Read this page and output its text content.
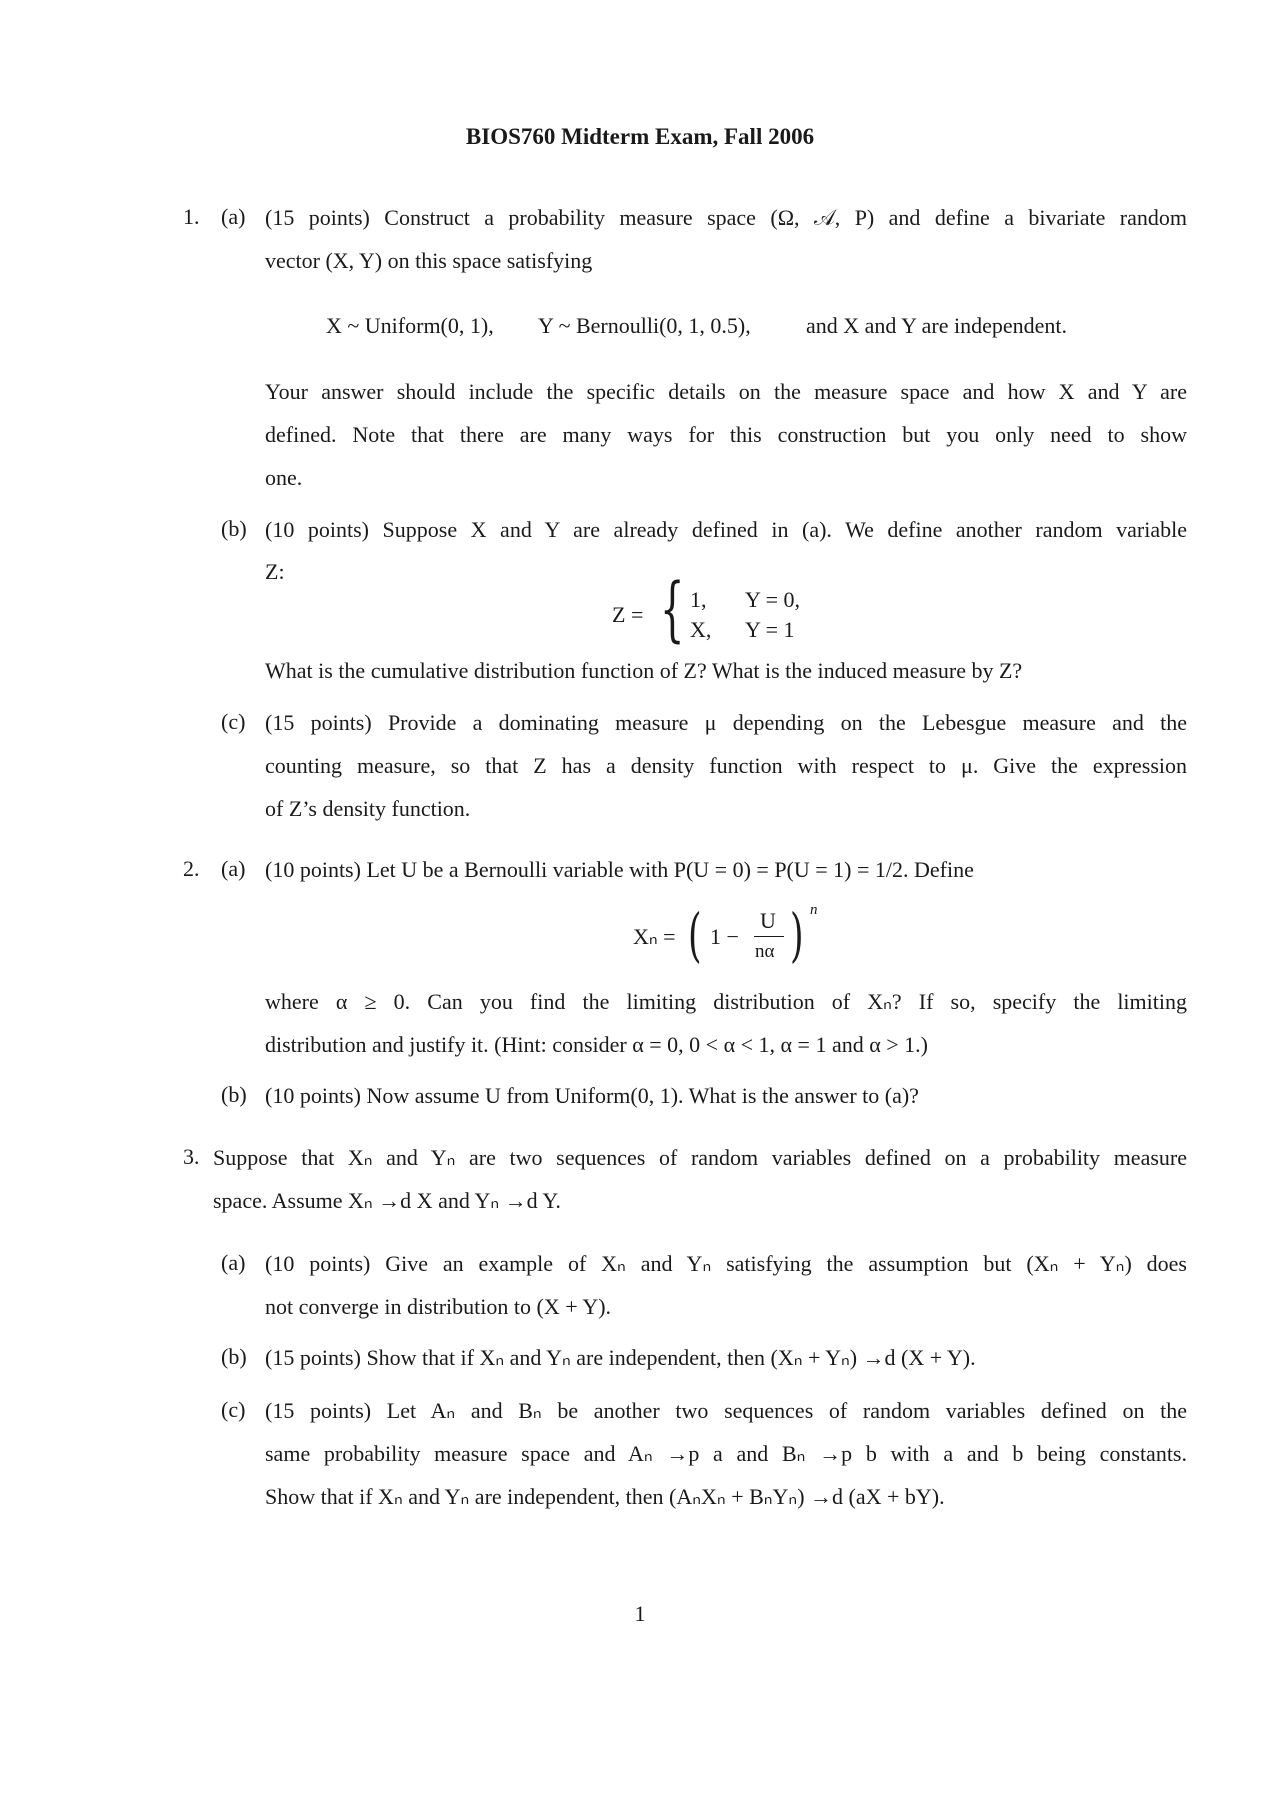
BIOS760 Midterm Exam, Fall 2006
1. (a) (15 points) Construct a probability measure space (Ω, 𝒜, P) and define a bivariate random
vector (X, Y) on this space satisfying
X ~ Uniform(0, 1), Y ~ Bernoulli(0, 1, 0.5),	and X and Y are independent.
Your answer should include the specific details on the measure space and how X and Y are
defined. Note that there are many ways for this construction but you only need to show
one.
(b) (10 points) Suppose X and Y are already defined in (a). We define another random variable
Z:
Z = { 1, Y = 0,
X, Y = 1
What is the cumulative distribution function of Z? What is the induced measure by Z?
(c) (15 points) Provide a dominating measure μ depending on the Lebesgue measure and the
counting measure, so that Z has a density function with respect to μ. Give the expression
of Z’s density function.
2. (a) (10 points) Let U be a Bernoulli variable with P(U = 0) = P(U = 1) = 1/2. Define
Xₙ = ( 1 −
U
nα ) n
where α ≥ 0. Can you find the limiting distribution of Xₙ? If so, specify the limiting
distribution and justify it. (Hint: consider α = 0, 0 < α < 1, α = 1 and α > 1.)
(b) (10 points) Now assume U from Uniform(0, 1). What is the answer to (a)?
3. Suppose that Xₙ and Yₙ are two sequences of random variables defined on a probability measure
space. Assume Xₙ →d X and Yₙ →d Y.
(a) (10 points) Give an example of Xₙ and Yₙ satisfying the assumption but (Xₙ + Yₙ) does
not converge in distribution to (X + Y).
(b) (15 points) Show that if Xₙ and Yₙ are independent, then (Xₙ + Yₙ) →d (X + Y).
(c) (15 points) Let Aₙ and Bₙ be another two sequences of random variables defined on the
same probability measure space and Aₙ →p a and Bₙ →p b with a and b being constants.
Show that if Xₙ and Yₙ are independent, then (AₙXₙ + BₙYₙ) →d (aX + bY).
1
